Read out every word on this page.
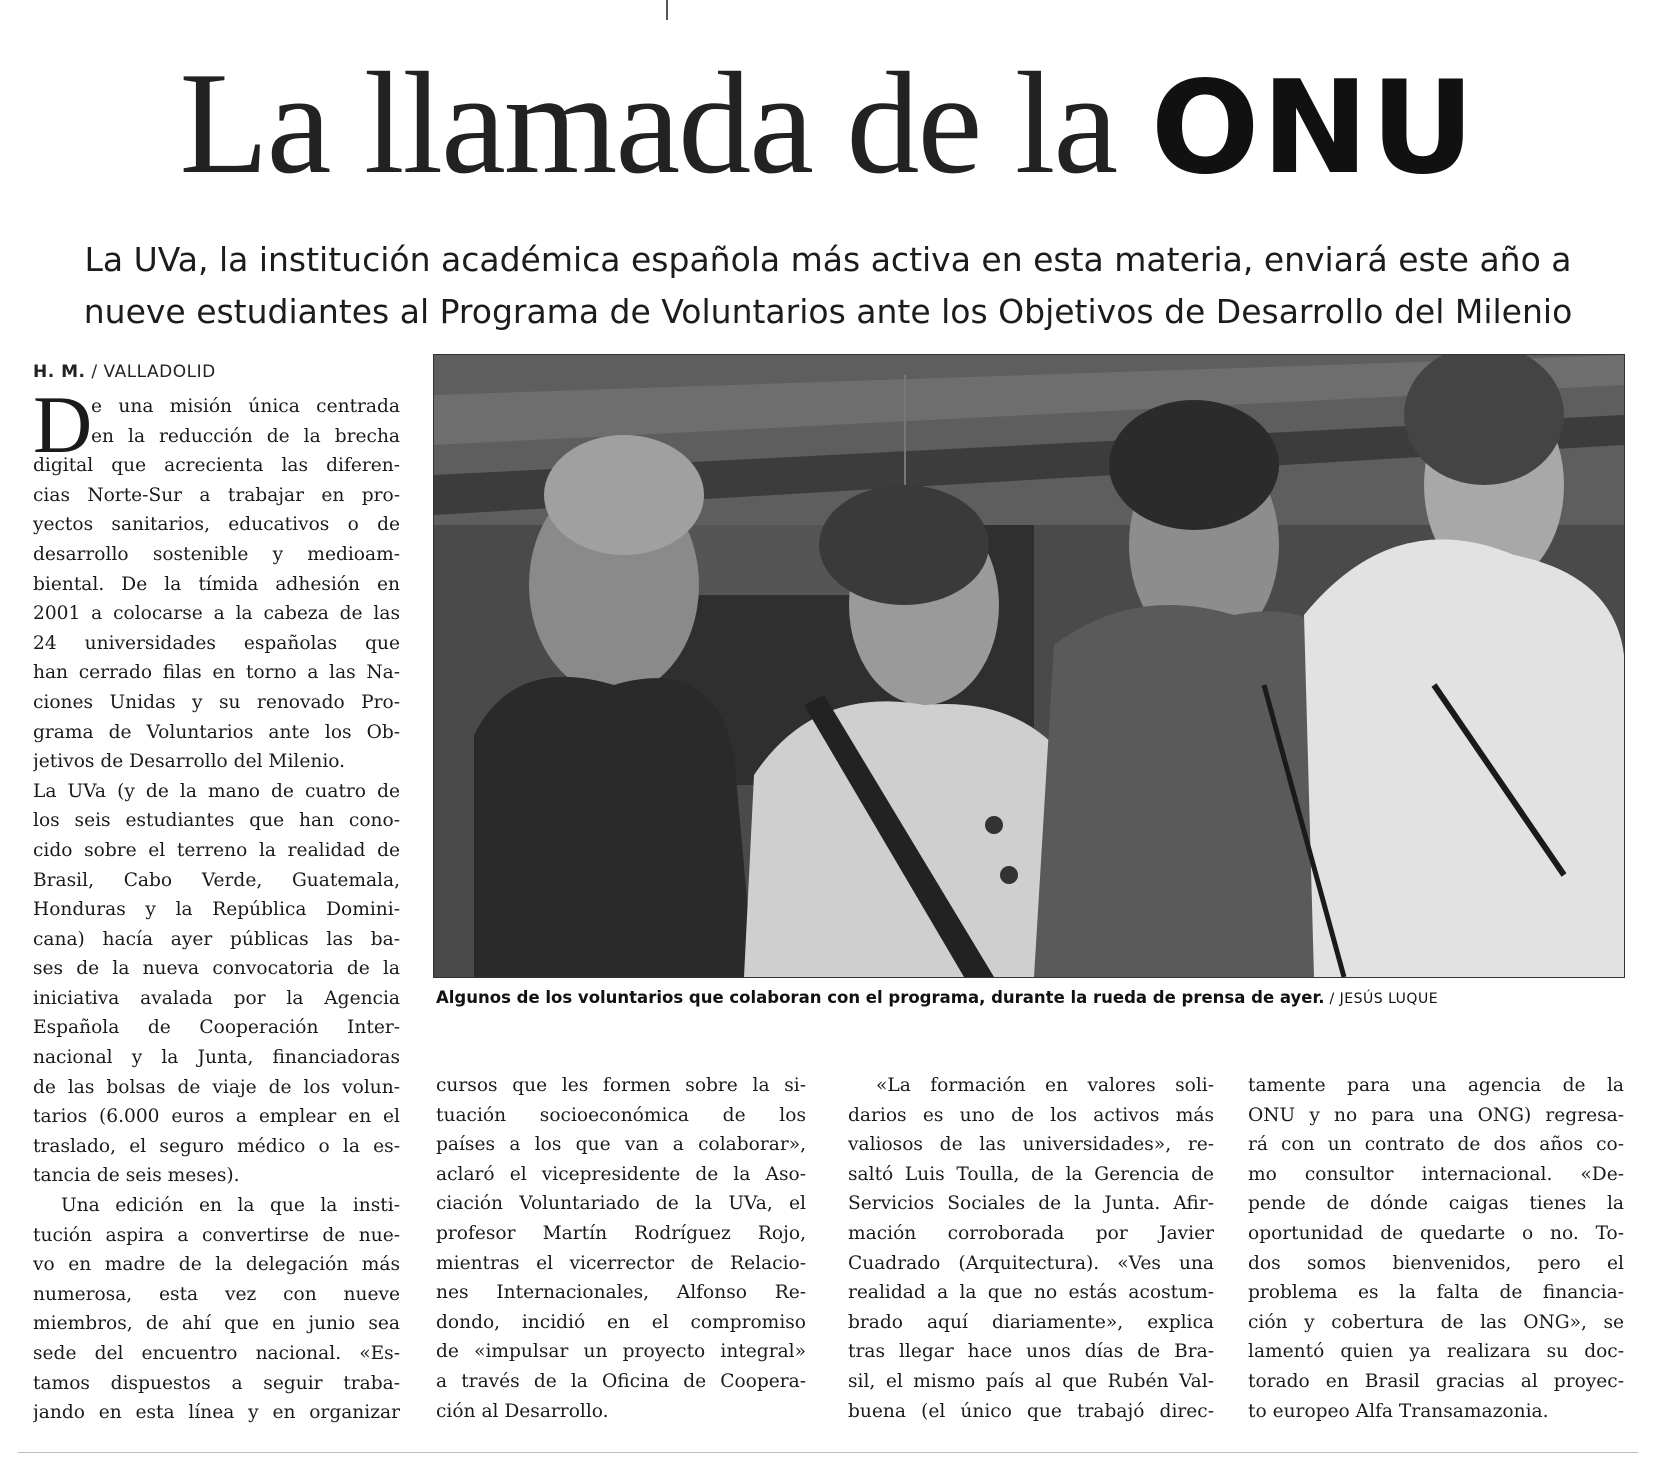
La llamada de la ONU
La UVa, la institución académica española más activa en esta materia, enviará este año a
nueve estudiantes al Programa de Voluntarios ante los Objetivos de Desarrollo del Milenio
H. M. / VALLADOLID
D
e una misión única centrada
en la reducción de la brecha
digital que acrecienta las diferen-
cias Norte-Sur a trabajar en pro-
yectos sanitarios, educativos o de
desarrollo sostenible y medioam-
biental. De la tímida adhesión en
2001 a colocarse a la cabeza de las
24 universidades españolas que
han cerrado filas en torno a las Na-
ciones Unidas y su renovado Pro-
grama de Voluntarios ante los Ob-
jetivos de Desarrollo del Milenio.
La UVa (y de la mano de cuatro de
los seis estudiantes que han cono-
cido sobre el terreno la realidad de
Brasil, Cabo Verde, Guatemala,
Honduras y la República Domini-
cana) hacía ayer públicas las ba-
ses de la nueva convocatoria de la
iniciativa avalada por la Agencia
Española de Cooperación Inter-
nacional y la Junta, financiadoras
de las bolsas de viaje de los volun-
tarios (6.000 euros a emplear en el
traslado, el seguro médico o la es-
tancia de seis meses).
Una edición en la que la insti-
tución aspira a convertirse de nue-
vo en madre de la delegación más
numerosa, esta vez con nueve
miembros, de ahí que en junio sea
sede del encuentro nacional. «Es-
tamos dispuestos a seguir traba-
jando en esta línea y en organizar
cursos que les formen sobre la si-
tuación socioeconómica de los
países a los que van a colaborar»,
aclaró el vicepresidente de la Aso-
ciación Voluntariado de la UVa, el
profesor Martín Rodríguez Rojo,
mientras el vicerrector de Relacio-
nes Internacionales, Alfonso Re-
dondo, incidió en el compromiso
de «impulsar un proyecto integral»
a través de la Oficina de Coopera-
ción al Desarrollo.
«La formación en valores soli-
darios es uno de los activos más
valiosos de las universidades», re-
saltó Luis Toulla, de la Gerencia de
Servicios Sociales de la Junta. Afir-
mación corroborada por Javier
Cuadrado (Arquitectura). «Ves una
realidad a la que no estás acostum-
brado aquí diariamente», explica
tras llegar hace unos días de Bra-
sil, el mismo país al que Rubén Val-
buena (el único que trabajó direc-
tamente para una agencia de la
ONU y no para una ONG) regresa-
rá con un contrato de dos años co-
mo consultor internacional. «De-
pende de dónde caigas tienes la
oportunidad de quedarte o no. To-
dos somos bienvenidos, pero el
problema es la falta de financia-
ción y cobertura de las ONG», se
lamentó quien ya realizara su doc-
torado en Brasil gracias al proyec-
to europeo Alfa Transamazonia.
Algunos de los voluntarios que colaboran con el programa, durante la rueda de prensa de ayer. / JESÚS LUQUE
